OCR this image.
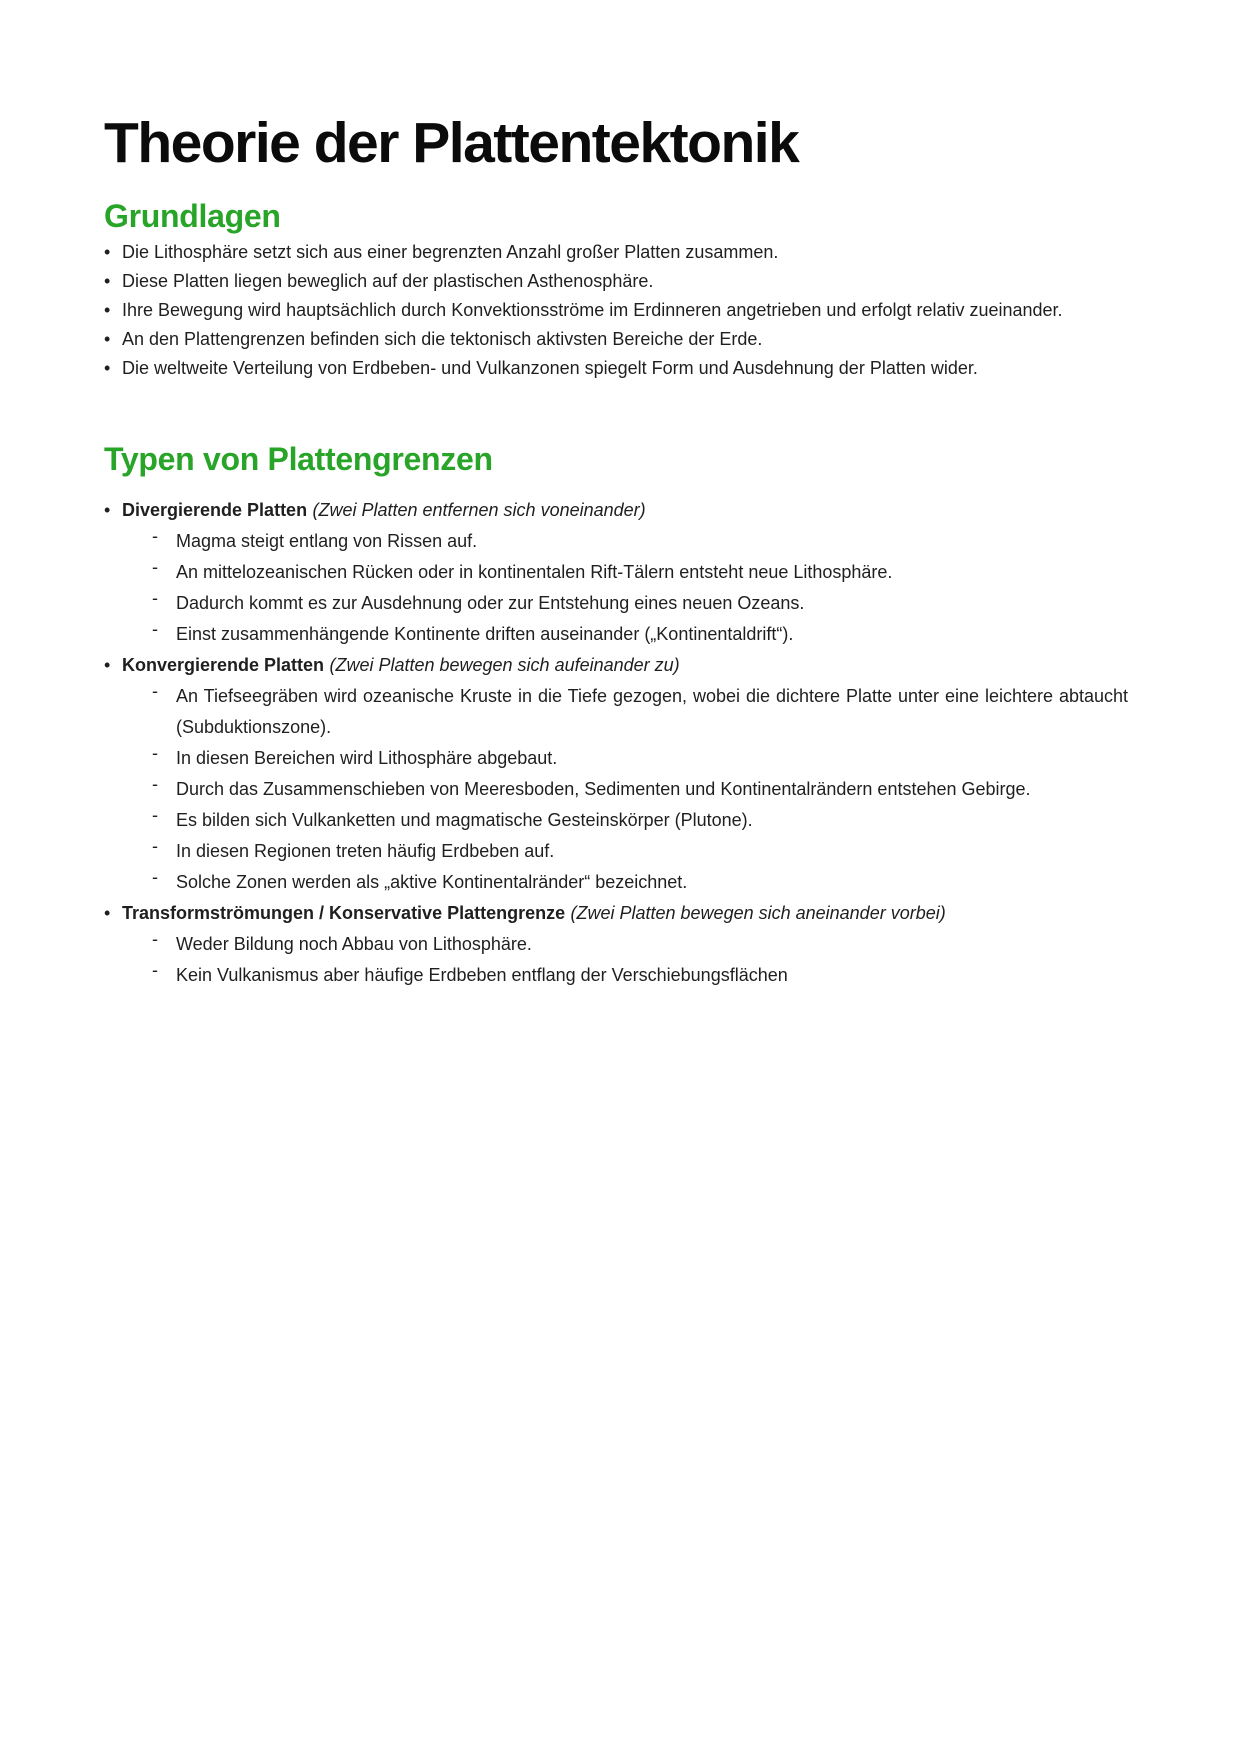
Theorie der Plattentektonik
Grundlagen
• Die Lithosphäre setzt sich aus einer begrenzten Anzahl großer Platten zusammen.
• Diese Platten liegen beweglich auf der plastischen Asthenosphäre.
• Ihre Bewegung wird hauptsächlich durch Konvektionsströme im Erdinneren angetrieben und erfolgt relativ zueinander.
• An den Plattengrenzen befinden sich die tektonisch aktivsten Bereiche der Erde.
• Die weltweite Verteilung von Erdbeben- und Vulkanzonen spiegelt Form und Ausdehnung der Platten wider.
Typen von Plattengrenzen
• Divergierende Platten (Zwei Platten entfernen sich voneinander)
- Magma steigt entlang von Rissen auf.
- An mittelozeanischen Rücken oder in kontinentalen Rift-Tälern entsteht neue Lithosphäre.
- Dadurch kommt es zur Ausdehnung oder zur Entstehung eines neuen Ozeans.
- Einst zusammenhängende Kontinente driften auseinander („Kontinentaldrift“).
• Konvergierende Platten (Zwei Platten bewegen sich aufeinander zu)
- An Tiefseegräben wird ozeanische Kruste in die Tiefe gezogen, wobei die dichtere Platte unter eine leichtere abtaucht (Subduktionszone).
- In diesen Bereichen wird Lithosphäre abgebaut.
- Durch das Zusammenschieben von Meeresboden, Sedimenten und Kontinentalrändern entstehen Gebirge.
- Es bilden sich Vulkanketten und magmatische Gesteinskörper (Plutone).
- In diesen Regionen treten häufig Erdbeben auf.
- Solche Zonen werden als „aktive Kontinentalränder“ bezeichnet.
• Transformströmungen / Konservative Plattengrenze (Zwei Platten bewegen sich aneinander vorbei)
- Weder Bildung noch Abbau von Lithosphäre.
- Kein Vulkanismus aber häufige Erdbeben entflang der Verschiebungsflächen
